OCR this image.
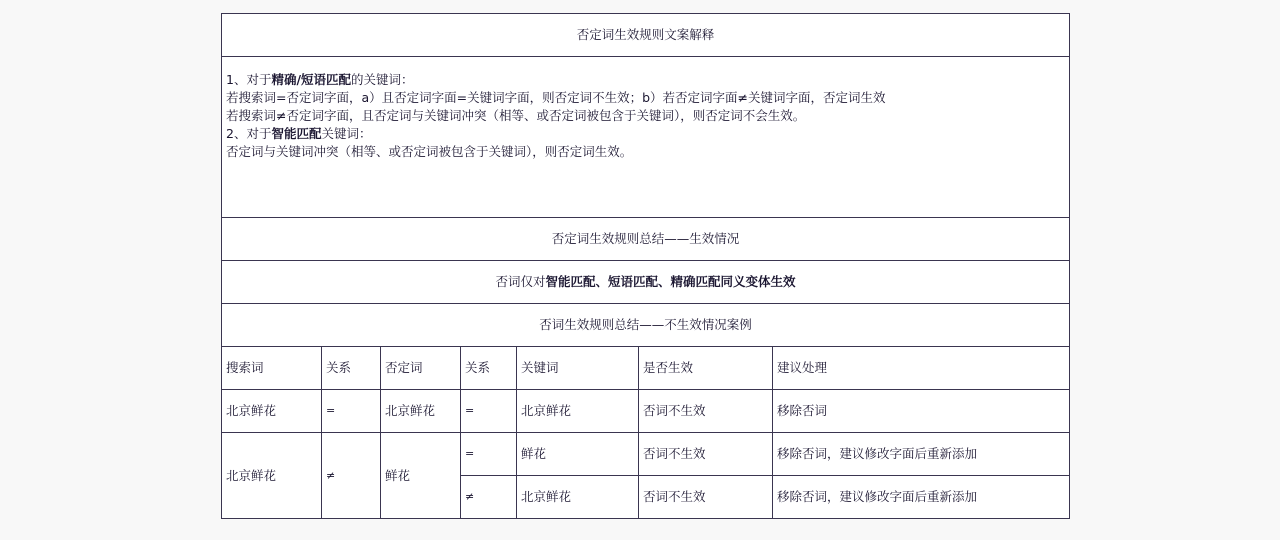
否定词生效规则文案解释						

1、对于精确/短语匹配的关键词：
若搜索词=否定词字面，a）且否定词字面=关键词字面，则否定词不生效；b）若否定词字面≠关键词字面，否定词生效
若搜索词≠否定词字面，且否定词与关键词冲突（相等、或否定词被包含于关键词），则否定词不会生效。
2、对于智能匹配关键词：
否定词与关键词冲突（相等、或否定词被包含于关键词），则否定词生效。						

否定词生效规则总结——生效情况						
否词仅对智能匹配、短语匹配、精确匹配同义变体生效						
否词生效规则总结——不生效情况案例						
搜索词	关系	否定词	关系	关键词	是否生效	建议处理
北京鲜花	=	北京鲜花	=	北京鲜花	否词不生效	移除否词
北京鲜花	≠	鲜花	=	鲜花	否词不生效	移除否词，建议修改字面后重新添加
			≠	北京鲜花	否词不生效	移除否词，建议修改字面后重新添加
